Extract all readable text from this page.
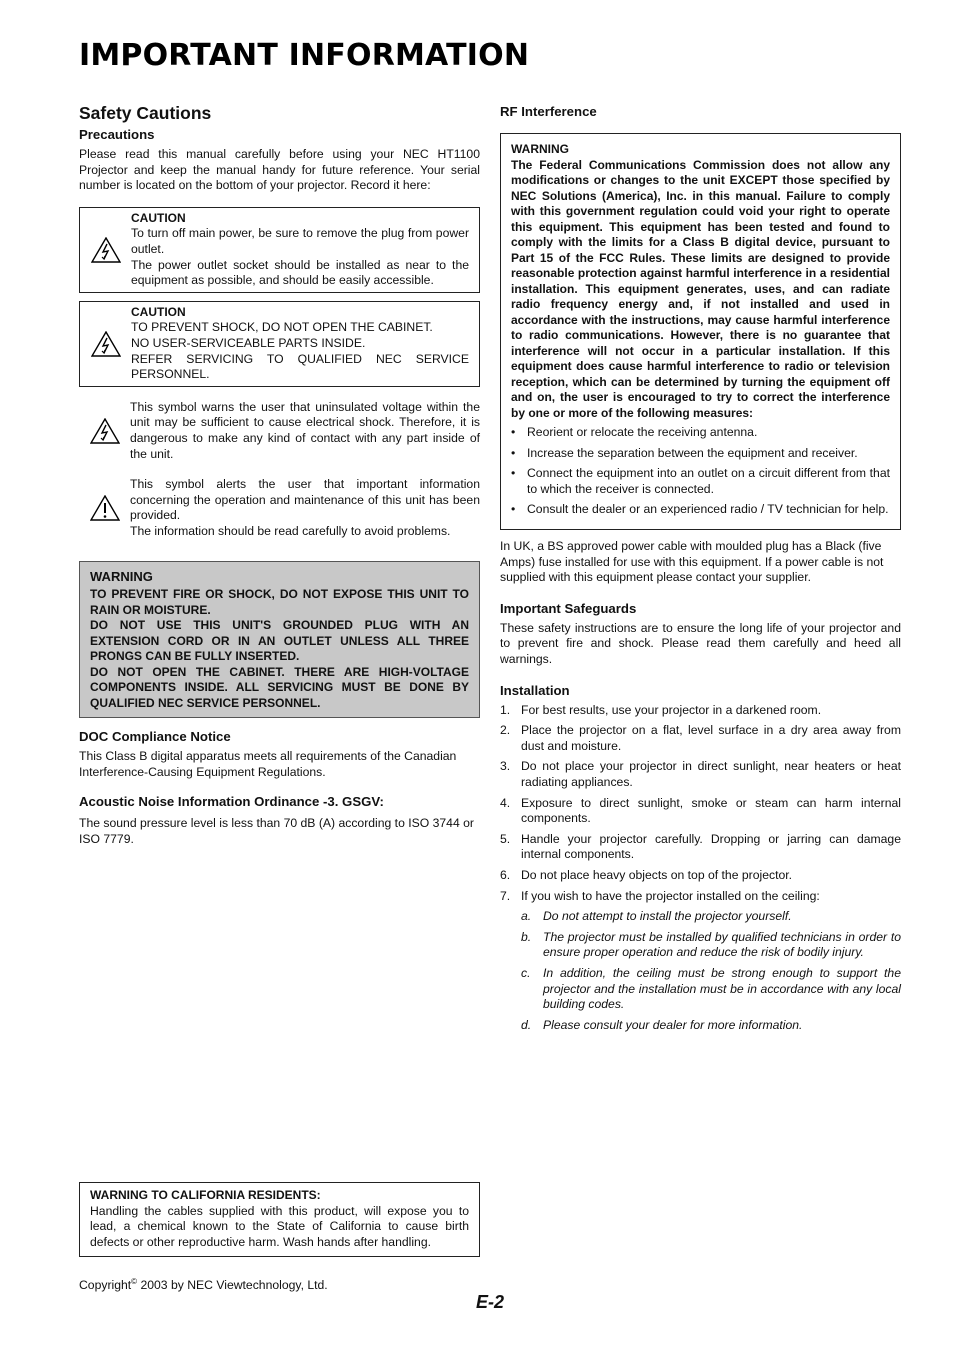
IMPORTANT INFORMATION
Safety Cautions
Precautions

Please read this manual carefully before using your NEC HT1100 Projector and keep the manual handy for future reference. Your serial number is located on the bottom of your projector. Record it here:

CAUTION

To turn off main power, be sure to remove the plug from power outlet.

The power outlet socket should be installed as near to the equipment as possible, and should be easily accessible.

CAUTION

TO PREVENT SHOCK, DO NOT OPEN THE CABINET.

NO USER-SERVICEABLE PARTS INSIDE.

REFER SERVICING TO QUALIFIED NEC SERVICE PERSONNEL.

This symbol warns the user that uninsulated voltage within the unit may be sufficient to cause electrical shock. Therefore, it is dangerous to make any kind of contact with any part inside of the unit.

This symbol alerts the user that important information concerning the operation and maintenance of this unit has been provided.

The information should be read carefully to avoid problems.

WARNING
TO PREVENT FIRE OR SHOCK, DO NOT EXPOSE THIS UNIT TO RAIN OR MOISTURE.
DO NOT USE THIS UNIT'S GROUNDED PLUG WITH AN EXTENSION CORD OR IN AN OUTLET UNLESS ALL THREE PRONGS CAN BE FULLY INSERTED.
DO NOT OPEN THE CABINET. THERE ARE HIGH-VOLTAGE COMPONENTS INSIDE. ALL SERVICING MUST BE DONE BY QUALIFIED NEC SERVICE PERSONNEL.
DOC Compliance Notice

This Class B digital apparatus meets all requirements of the Canadian Interference-Causing Equipment Regulations.

Acoustic Noise Information Ordinance -3. GSGV:

The sound pressure level is less than 70 dB (A) according to ISO 3744 or ISO 7779.

WARNING TO CALIFORNIA RESIDENTS:

Handling the cables supplied with this product, will expose you to lead, a chemical known to the State of California to cause birth defects or other reproductive harm. Wash hands after handling.

Copyright© 2003 by NEC Viewtechnology, Ltd.
RF Interference
WARNING

The Federal Communications Commission does not allow any modifications or changes to the unit EXCEPT those specified by NEC Solutions (America), Inc. in this manual. Failure to comply with this government regulation could void your right to operate this equipment. This equipment has been tested and found to comply with the limits for a Class B digital device, pursuant to Part 15 of the FCC Rules. These limits are designed to provide reasonable protection against harmful interference in a residential installation. This equipment generates, uses, and can radiate radio frequency energy and, if not installed and used in accordance with the instructions, may cause harmful interference to radio communications. However, there is no guarantee that interference will not occur in a particular installation. If this equipment does cause harmful interference to radio or television reception, which can be determined by turning the equipment off and on, the user is encouraged to try to correct the interference by one or more of the following measures:

• Reorient or relocate the receiving antenna.
• Increase the separation between the equipment and receiver.
• Connect the equipment into an outlet on a circuit different from that to which the receiver is connected.
• Consult the dealer or an experienced radio / TV technician for help.

In UK, a BS approved power cable with moulded plug has a Black (five Amps) fuse installed for use with this equipment. If a power cable is not supplied with this equipment please contact your supplier.

Important Safeguards

These safety instructions are to ensure the long life of your projector and to prevent fire and shock. Please read them carefully and heed all warnings.

Installation
1. For best results, use your projector in a darkened room.
2. Place the projector on a flat, level surface in a dry area away from dust and moisture.
3. Do not place your projector in direct sunlight, near heaters or heat radiating appliances.
4. Exposure to direct sunlight, smoke or steam can harm internal components.
5. Handle your projector carefully. Dropping or jarring can damage internal components.
6. Do not place heavy objects on top of the projector.
7. If you wish to have the projector installed on the ceiling:
a. Do not attempt to install the projector yourself.
b. The projector must be installed by qualified technicians in order to ensure proper operation and reduce the risk of bodily injury.
c.	In addition, the ceiling must be strong enough to support the projector and the installation must be in accordance with any local building codes.
d. Please consult your dealer for more information.
E-2
